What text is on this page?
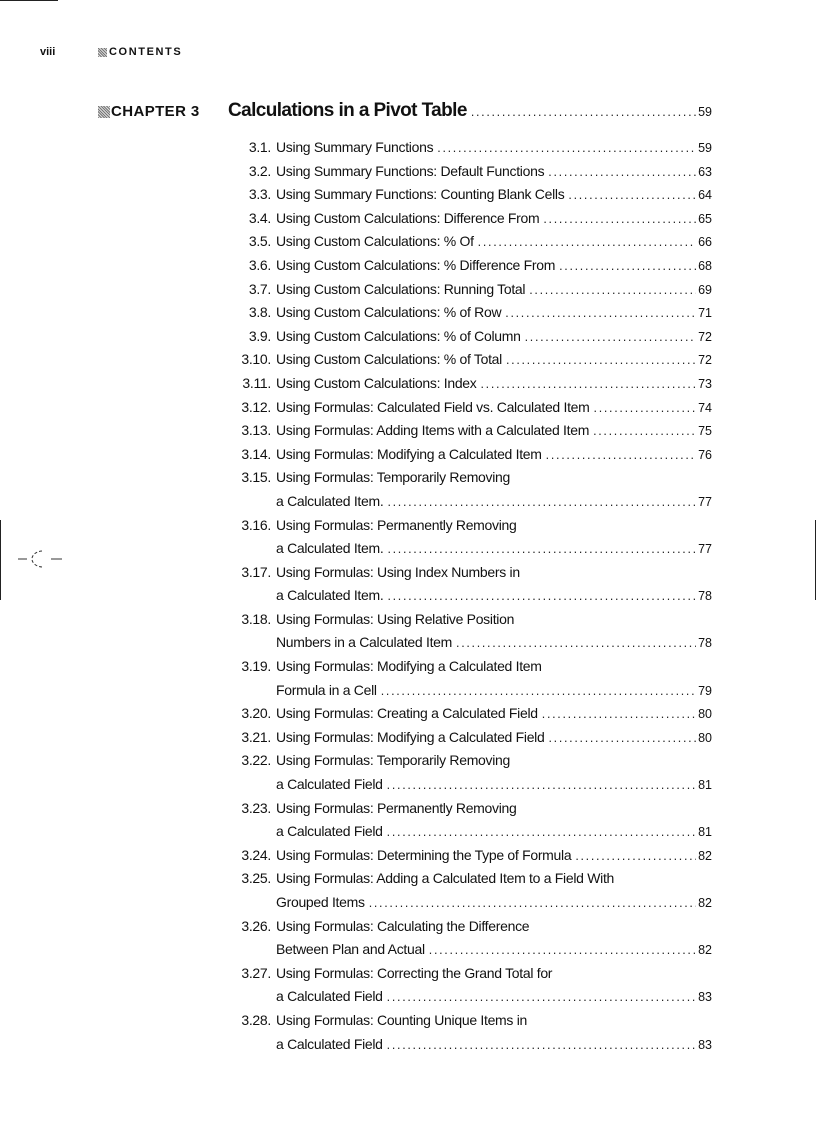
viii	CONTENTS
CHAPTER 3 Calculations in a Pivot Table .....	59
3.1. Using Summary Functions .....	59
3.2. Using Summary Functions: Default Functions .....	63
3.3. Using Summary Functions: Counting Blank Cells .....	64
3.4. Using Custom Calculations: Difference From .....	65
3.5. Using Custom Calculations: % Of .....	66
3.6. Using Custom Calculations: % Difference From .....	68
3.7. Using Custom Calculations: Running Total .....	69
3.8. Using Custom Calculations: % of Row .....	71
3.9. Using Custom Calculations: % of Column .....	72
3.10. Using Custom Calculations: % of Total .....	72
3.11. Using Custom Calculations: Index .....	73
3.12. Using Formulas: Calculated Field vs. Calculated Item .....	74
3.13. Using Formulas: Adding Items with a Calculated Item .....	75
3.14. Using Formulas: Modifying a Calculated Item .....	76
3.15. Using Formulas: Temporarily Removing
a Calculated Item. .....	77
3.16. Using Formulas: Permanently Removing
a Calculated Item. .....	77
3.17. Using Formulas: Using Index Numbers in
a Calculated Item. .....	78
3.18. Using Formulas: Using Relative Position
Numbers in a Calculated Item .....	78
3.19. Using Formulas: Modifying a Calculated Item
Formula in a Cell .....	79
3.20. Using Formulas: Creating a Calculated Field .....	80
3.21. Using Formulas: Modifying a Calculated Field .....	80
3.22. Using Formulas: Temporarily Removing
a Calculated Field .....	81
3.23. Using Formulas: Permanently Removing
a Calculated Field .....	81
3.24. Using Formulas: Determining the Type of Formula .....	82
3.25. Using Formulas: Adding a Calculated Item to a Field With
Grouped Items .....	82
3.26. Using Formulas: Calculating the Difference
Between Plan and Actual .....	82
3.27. Using Formulas: Correcting the Grand Total for
a Calculated Field .....	83
3.28. Using Formulas: Counting Unique Items in
a Calculated Field .....	83
